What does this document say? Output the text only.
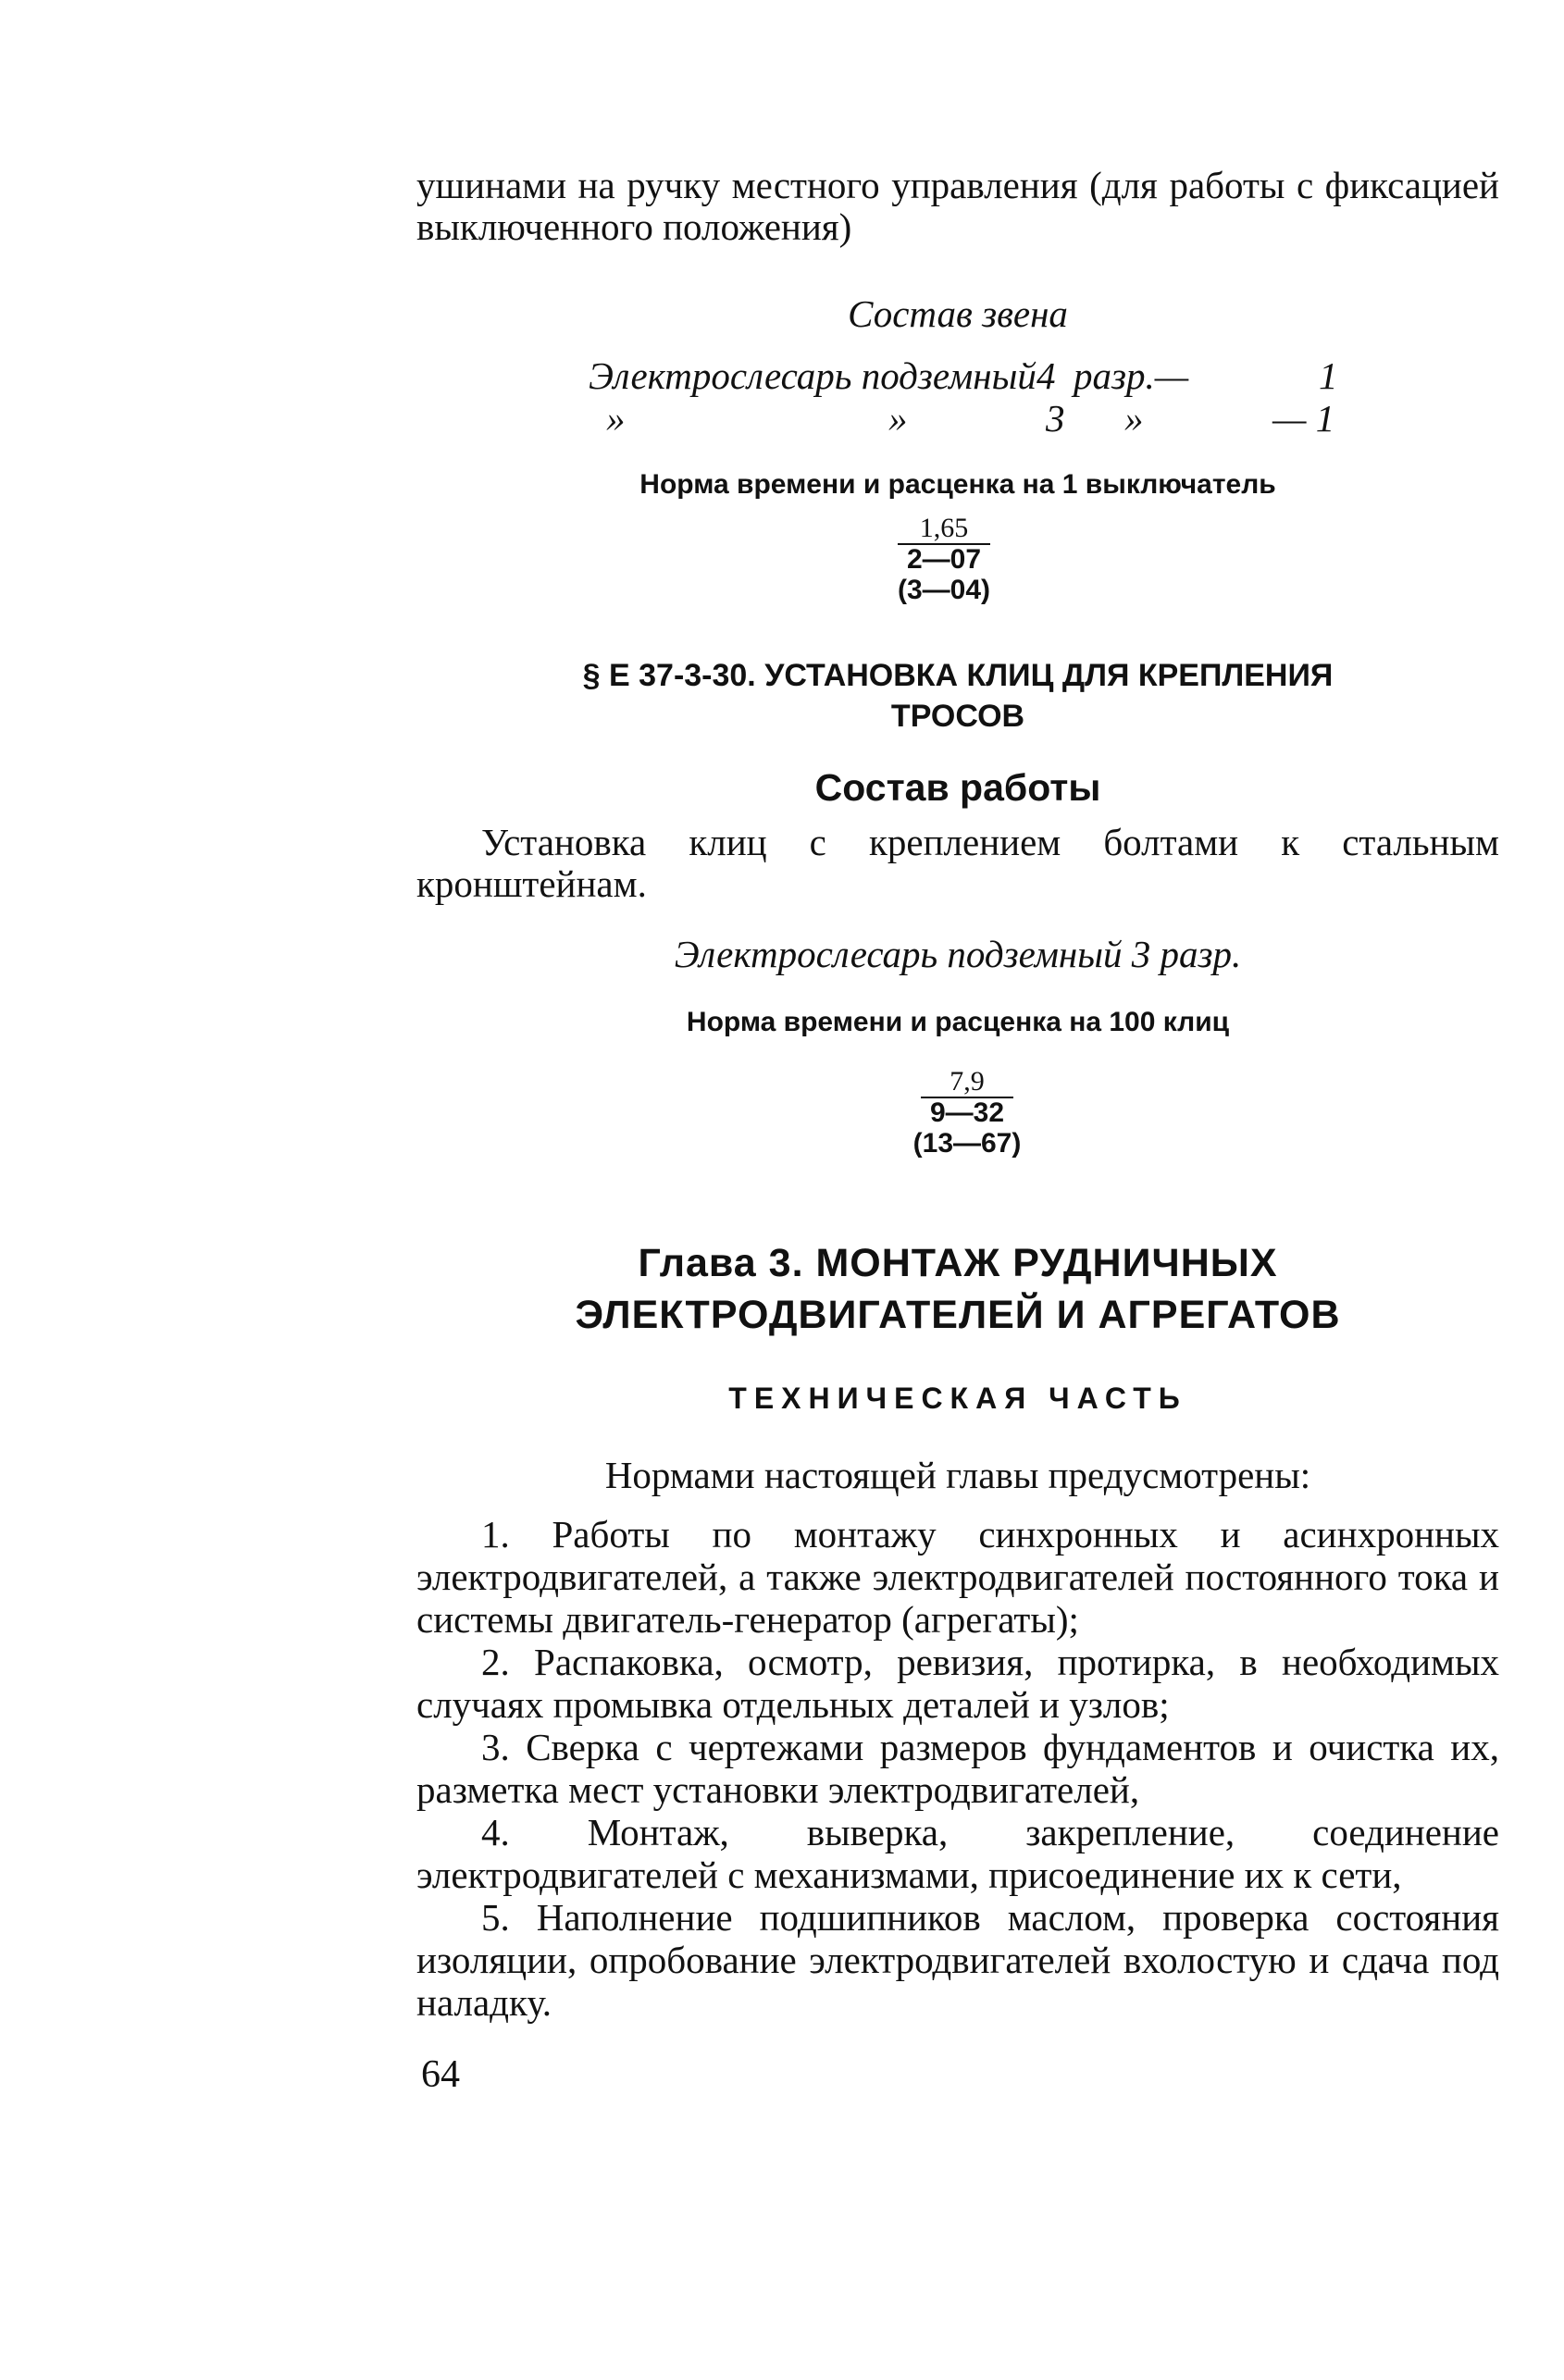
ушинами на ручку местного управления (для работы с фиксацией выключенного положения)

Состав звена
Электрослесарь подземный 4 разр.—	1
»	»	3 »	— 1
Норма времени и расценка на 1 выключатель
1,65
2—07
(3—04)
§ Е 37-3-30. УСТАНОВКА КЛИЦ ДЛЯ КРЕПЛЕНИЯ
ТРОСОВ
Состав работы

Установка клиц с креплением болтами к стальным кронштейнам.

Электрослесарь подземный 3 разр.
Норма времени и расценка на 100 клиц
7,9
9—32
(13—67)
Глава 3. МОНТАЖ РУДНИЧНЫХ
ЭЛЕКТРОДВИГАТЕЛЕЙ И АГРЕГАТОВ
ТЕХНИЧЕСКАЯ ЧАСТЬ
Нормами настоящей главы предусмотрены:

1. Работы по монтажу синхронных и асинхронных электродвигателей, а также электродвигателей постоянного тока и системы двигатель-генератор (агрегаты);

2. Распаковка, осмотр, ревизия, протирка, в необходимых случаях промывка отдельных деталей и узлов;

3. Сверка с чертежами размеров фундаментов и очистка их, разметка мест установки электродвигателей,

4. Монтаж, выверка, закрепление, соединение электродвигателей с механизмами, присоединение их к сети,

5. Наполнение подшипников маслом, проверка состояния изоляции, опробование электродвигателей вхолостую и сдача под наладку.

64
